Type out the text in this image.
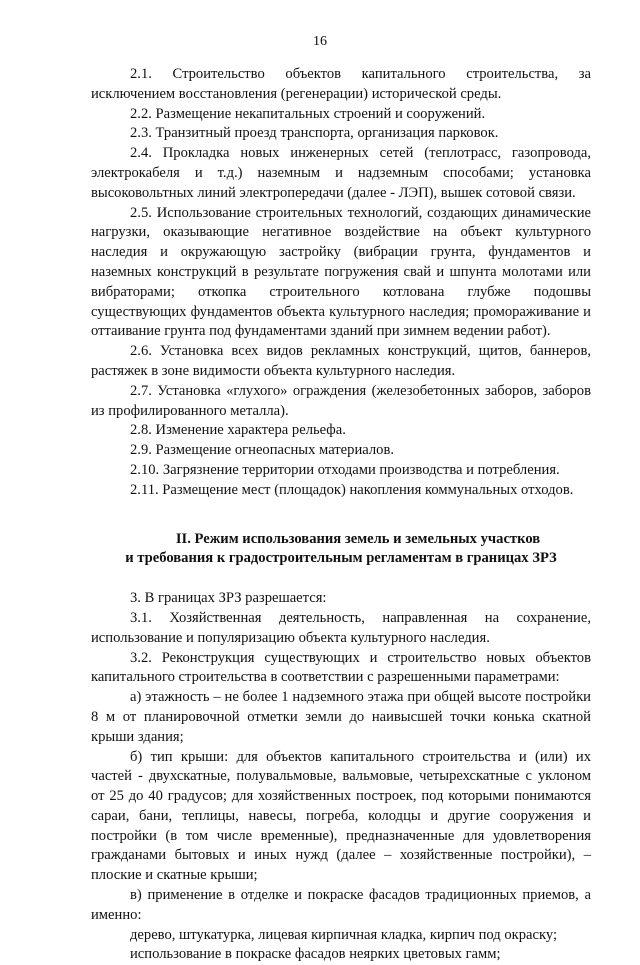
16

2.1. Строительство объектов капитального строительства, за исключением восстановления (регенерации) исторической среды.

2.2. Размещение некапитальных строений и сооружений.

2.3. Транзитный проезд транспорта, организация парковок.

2.4. Прокладка новых инженерных сетей (теплотрасс, газопровода, электрокабеля и т.д.) наземным и надземным способами; установка высоковольтных линий электропередачи (далее - ЛЭП), вышек сотовой связи.

2.5. Использование строительных технологий, создающих динамические нагрузки, оказывающие негативное воздействие на объект культурного наследия и окружающую застройку (вибрации грунта, фундаментов и наземных конструкций в результате погружения свай и шпунта молотами или вибраторами; откопка строительного котлована глубже подошвы существующих фундаментов объекта культурного наследия; промораживание и оттаивание грунта под фундаментами зданий при зимнем ведении работ).

2.6. Установка всех видов рекламных конструкций, щитов, баннеров, растяжек в зоне видимости объекта культурного наследия.

2.7. Установка «глухого» ограждения (железобетонных заборов, заборов из профилированного металла).

2.8. Изменение характера рельефа.

2.9. Размещение огнеопасных материалов.

2.10. Загрязнение территории отходами производства и потребления.

2.11. Размещение мест (площадок) накопления коммунальных отходов.

II. Режим использования земель и земельных участков
и требования к градостроительным регламентам в границах ЗРЗ

3. В границах ЗРЗ разрешается:

3.1. Хозяйственная деятельность, направленная на сохранение, использование и популяризацию объекта культурного наследия.

3.2. Реконструкция существующих и строительство новых объектов капитального строительства в соответствии с разрешенными параметрами:

а) этажность – не более 1 надземного этажа при общей высоте постройки 8 м от планировочной отметки земли до наивысшей точки конька скатной крыши здания;

б) тип крыши: для объектов капитального строительства и (или) их частей - двухскатные, полувальмовые, вальмовые, четырехскатные с уклоном от 25 до 40 градусов; для хозяйственных построек, под которыми понимаются сараи, бани, теплицы, навесы, погреба, колодцы и другие сооружения и постройки (в том числе временные), предназначенные для удовлетворения гражданами бытовых и иных нужд (далее – хозяйственные постройки), – плоские и скатные крыши;

в) применение в отделке и покраске фасадов традиционных приемов, а именно:

дерево, штукатурка, лицевая кирпичная кладка, кирпич под окраску;

использование в покраске фасадов неярких цветовых гамм;
